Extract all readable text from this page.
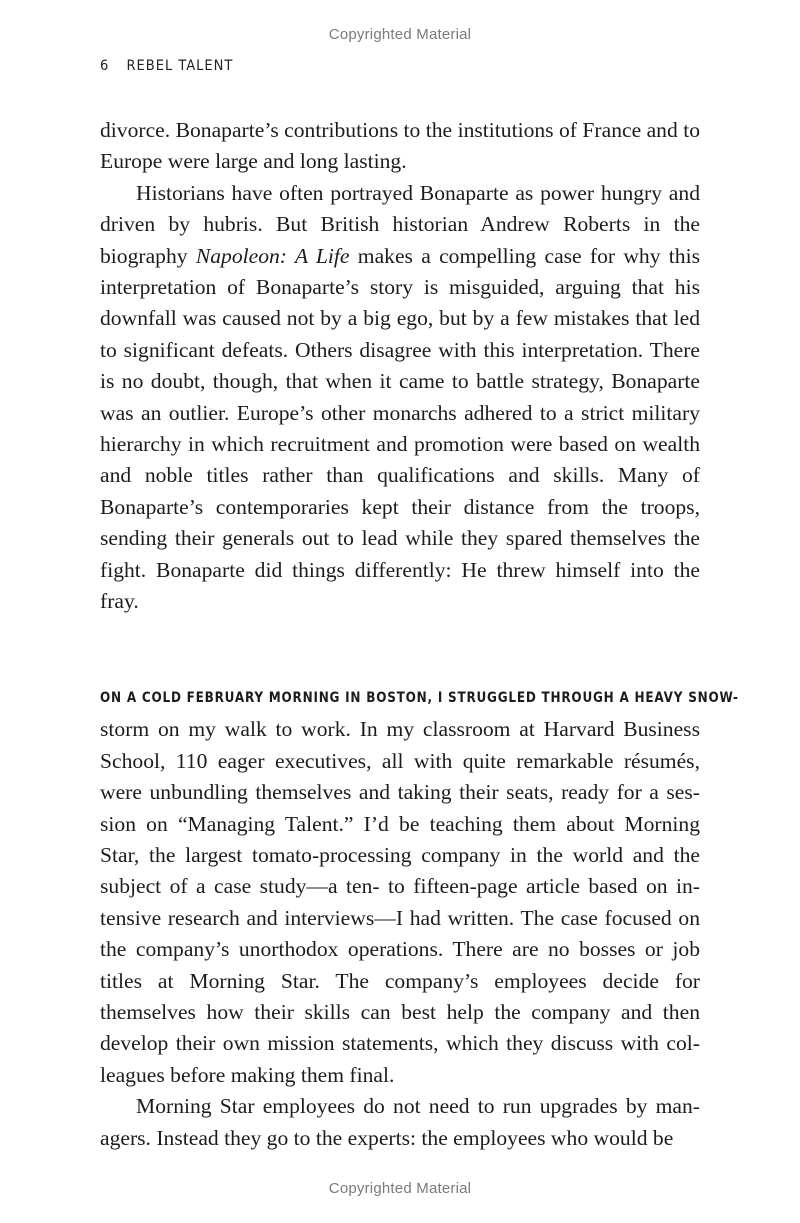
Copyrighted Material
6 REBEL TALENT

divorce. Bonaparte’s contributions to the institutions of France and to Europe were large and long lasting.

Historians have often portrayed Bonaparte as power hungry and driven by hubris. But British historian Andrew Roberts in the biography Napoleon: A Life makes a compelling case for why this interpretation of Bonaparte’s story is misguided, arguing that his downfall was caused not by a big ego, but by a few mistakes that led to significant defeats. Others disagree with this interpretation. There is no doubt, though, that when it came to battle strategy, Bonaparte was an outlier. Europe’s other monarchs adhered to a strict military hierarchy in which recruitment and promotion were based on wealth and noble titles rather than qualifications and skills. Many of Bonaparte’s contemporaries kept their distance from the troops, sending their generals out to lead while they spared themselves the fight. Bonaparte did things differently: He threw himself into the fray.

ON A COLD FEBRUARY MORNING IN BOSTON, I STRUGGLED THROUGH A HEAVY SNOW-

storm on my walk to work. In my classroom at Harvard Business School, 110 eager executives, all with quite remarkable résumés, were unbundling themselves and taking their seats, ready for a session on “Managing Talent.” I’d be teaching them about Morning Star, the largest tomato-processing company in the world and the subject of a case study—a ten- to fifteen-page article based on intensive research and interviews—I had written. The case focused on the company’s unorthodox operations. There are no bosses or job titles at Morning Star. The company’s employees decide for themselves how their skills can best help the company and then develop their own mission statements, which they discuss with colleagues before making them final.

Morning Star employees do not need to run upgrades by managers. Instead they go to the experts: the employees who would be

Copyrighted Material
